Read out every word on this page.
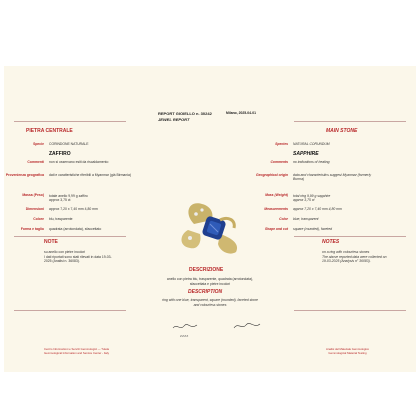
REPORT GIOIELLO n. 30242	Milano, 2025-04-01
JEWEL REPORT
PIETRA CENTRALE
Specie CORINDONE NATURALE
ZAFFIRO
Commenti non si osservano esiti da riscaldamento
Provenienza geografica dati e caratteristiche riferibili a Myanmar (già Birmania)
Massa (Peso) totale anello 9,99 g zaffiro approx 3,75 ct
Dimensioni approx 7,20 x 7,40 mm 4,80 mm
Colore blu, trasparente
Forma e taglio quadrata (arrotondata), sfaccettato
NOTE
su anello con pietre incolori
I dati riportati sono stati rilevati in data 19-03-
2025 (Analisi n. 36083).
MAIN STONE
Species NATURAL CORUNDUM
SAPPHIRE
Comments no indications of heating
Geographical origin data and characteristics suggest Myanmar (formerly Burma)
Mass (Weight) total ring 9,99 g sapphire approx 3,75 ct
Measurements approx 7,20 x 7,40 mm 4,80 mm
Color blue, transparent
Shape and cut square (rounded), faceted
NOTES
on a ring with colourless stones
The above reported data were collected on
19-03-2025 (Analysis n° 36083).
DESCRIZIONE
anello con pietra blu, trasparente, quadrata (arrotondata),
sfaccettata e pietre incolori
DESCRIPTION
ring with one blue, transparent, square (rounded), faceted stone
and colourless stones
ZZZZ
Centro Informazioni e Servizi Gemmologici — Tutela
Gemmological Information and Service Center - Italy
Analisi del Materiale Gemmologico
Gemmological Material Testing
